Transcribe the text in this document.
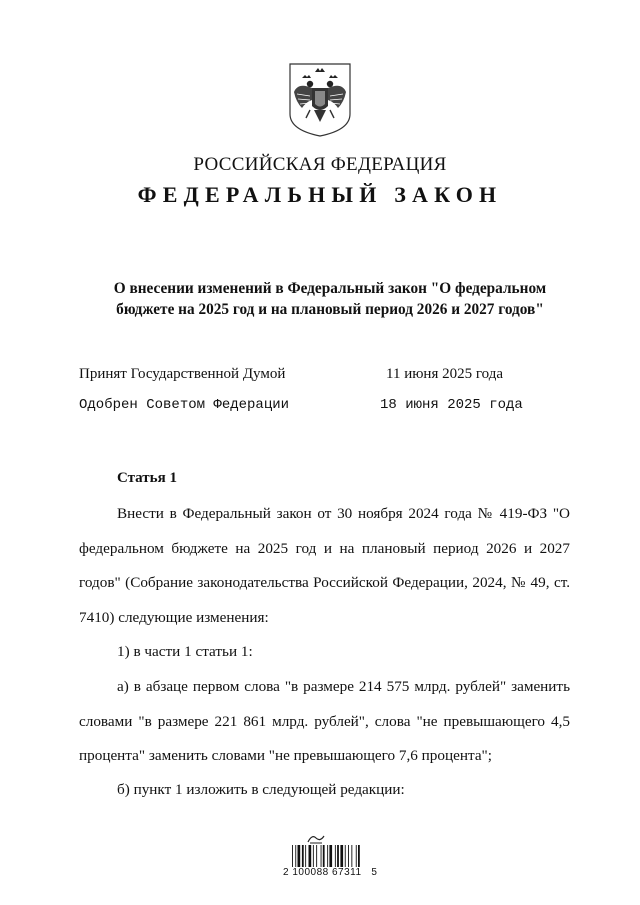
РОССИЙСКАЯ ФЕДЕРАЦИЯ
ФЕДЕРАЛЬНЫЙ ЗАКОН
О внесении изменений в Федеральный закон "О федеральном
бюджете на 2025 год и на плановый период 2026 и 2027 годов"
Принят Государственной Думой	11 июня 2025 года
Одобрен Советом Федерации	18 июня 2025 года
Статья 1
Внести в Федеральный закон от 30 ноября 2024 года № 419-ФЗ "О федеральном бюджете на 2025 год и на плановый период 2026 и 2027 годов" (Собрание законодательства Российской Федерации, 2024, № 49, ст. 7410) следующие изменения:
1) в части 1 статьи 1:
а) в абзаце первом слова "в размере 214 575 млрд. рублей" заменить словами "в размере 221 861 млрд. рублей", слова "не превышающего 4,5 процента" заменить словами "не превышающего 7,6 процента";
б) пункт 1 изложить в следующей редакции:
2 100088 67311   5
